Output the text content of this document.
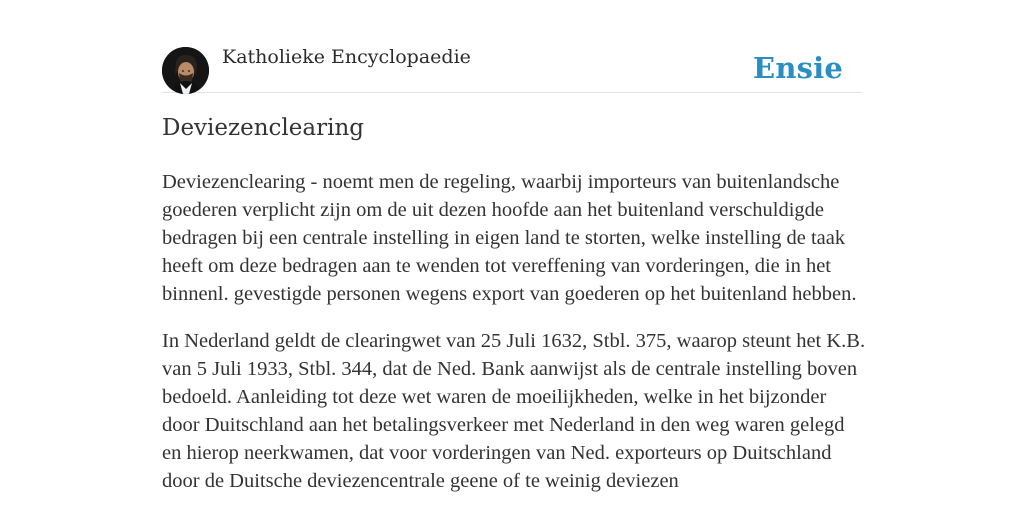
Katholieke Encyclopaedie	Ensie
Deviezenclearing

Deviezenclearing - noemt men de regeling, waarbij importeurs van buitenlandsche goederen verplicht zijn om de uit dezen hoofde aan het buitenland verschuldigde bedragen bij een centrale instelling in eigen land te storten, welke instelling de taak heeft om deze bedragen aan te wenden tot vereffening van vorderingen, die in het binnenl. gevestigde personen wegens export van goederen op het buitenland hebben.

In Nederland geldt de clearingwet van 25 Juli 1632, Stbl. 375, waarop steunt het K.B. van 5 Juli 1933, Stbl. 344, dat de Ned. Bank aanwijst als de centrale instelling boven bedoeld. Aanleiding tot deze wet waren de moeilijkheden, welke in het bijzonder door Duitschland aan het betalingsverkeer met Nederland in den weg waren gelegd en hierop neerkwamen, dat voor vorderingen van Ned. exporteurs op Duitschland door de Duitsche deviezencentrale geene of te weinig deviezen
